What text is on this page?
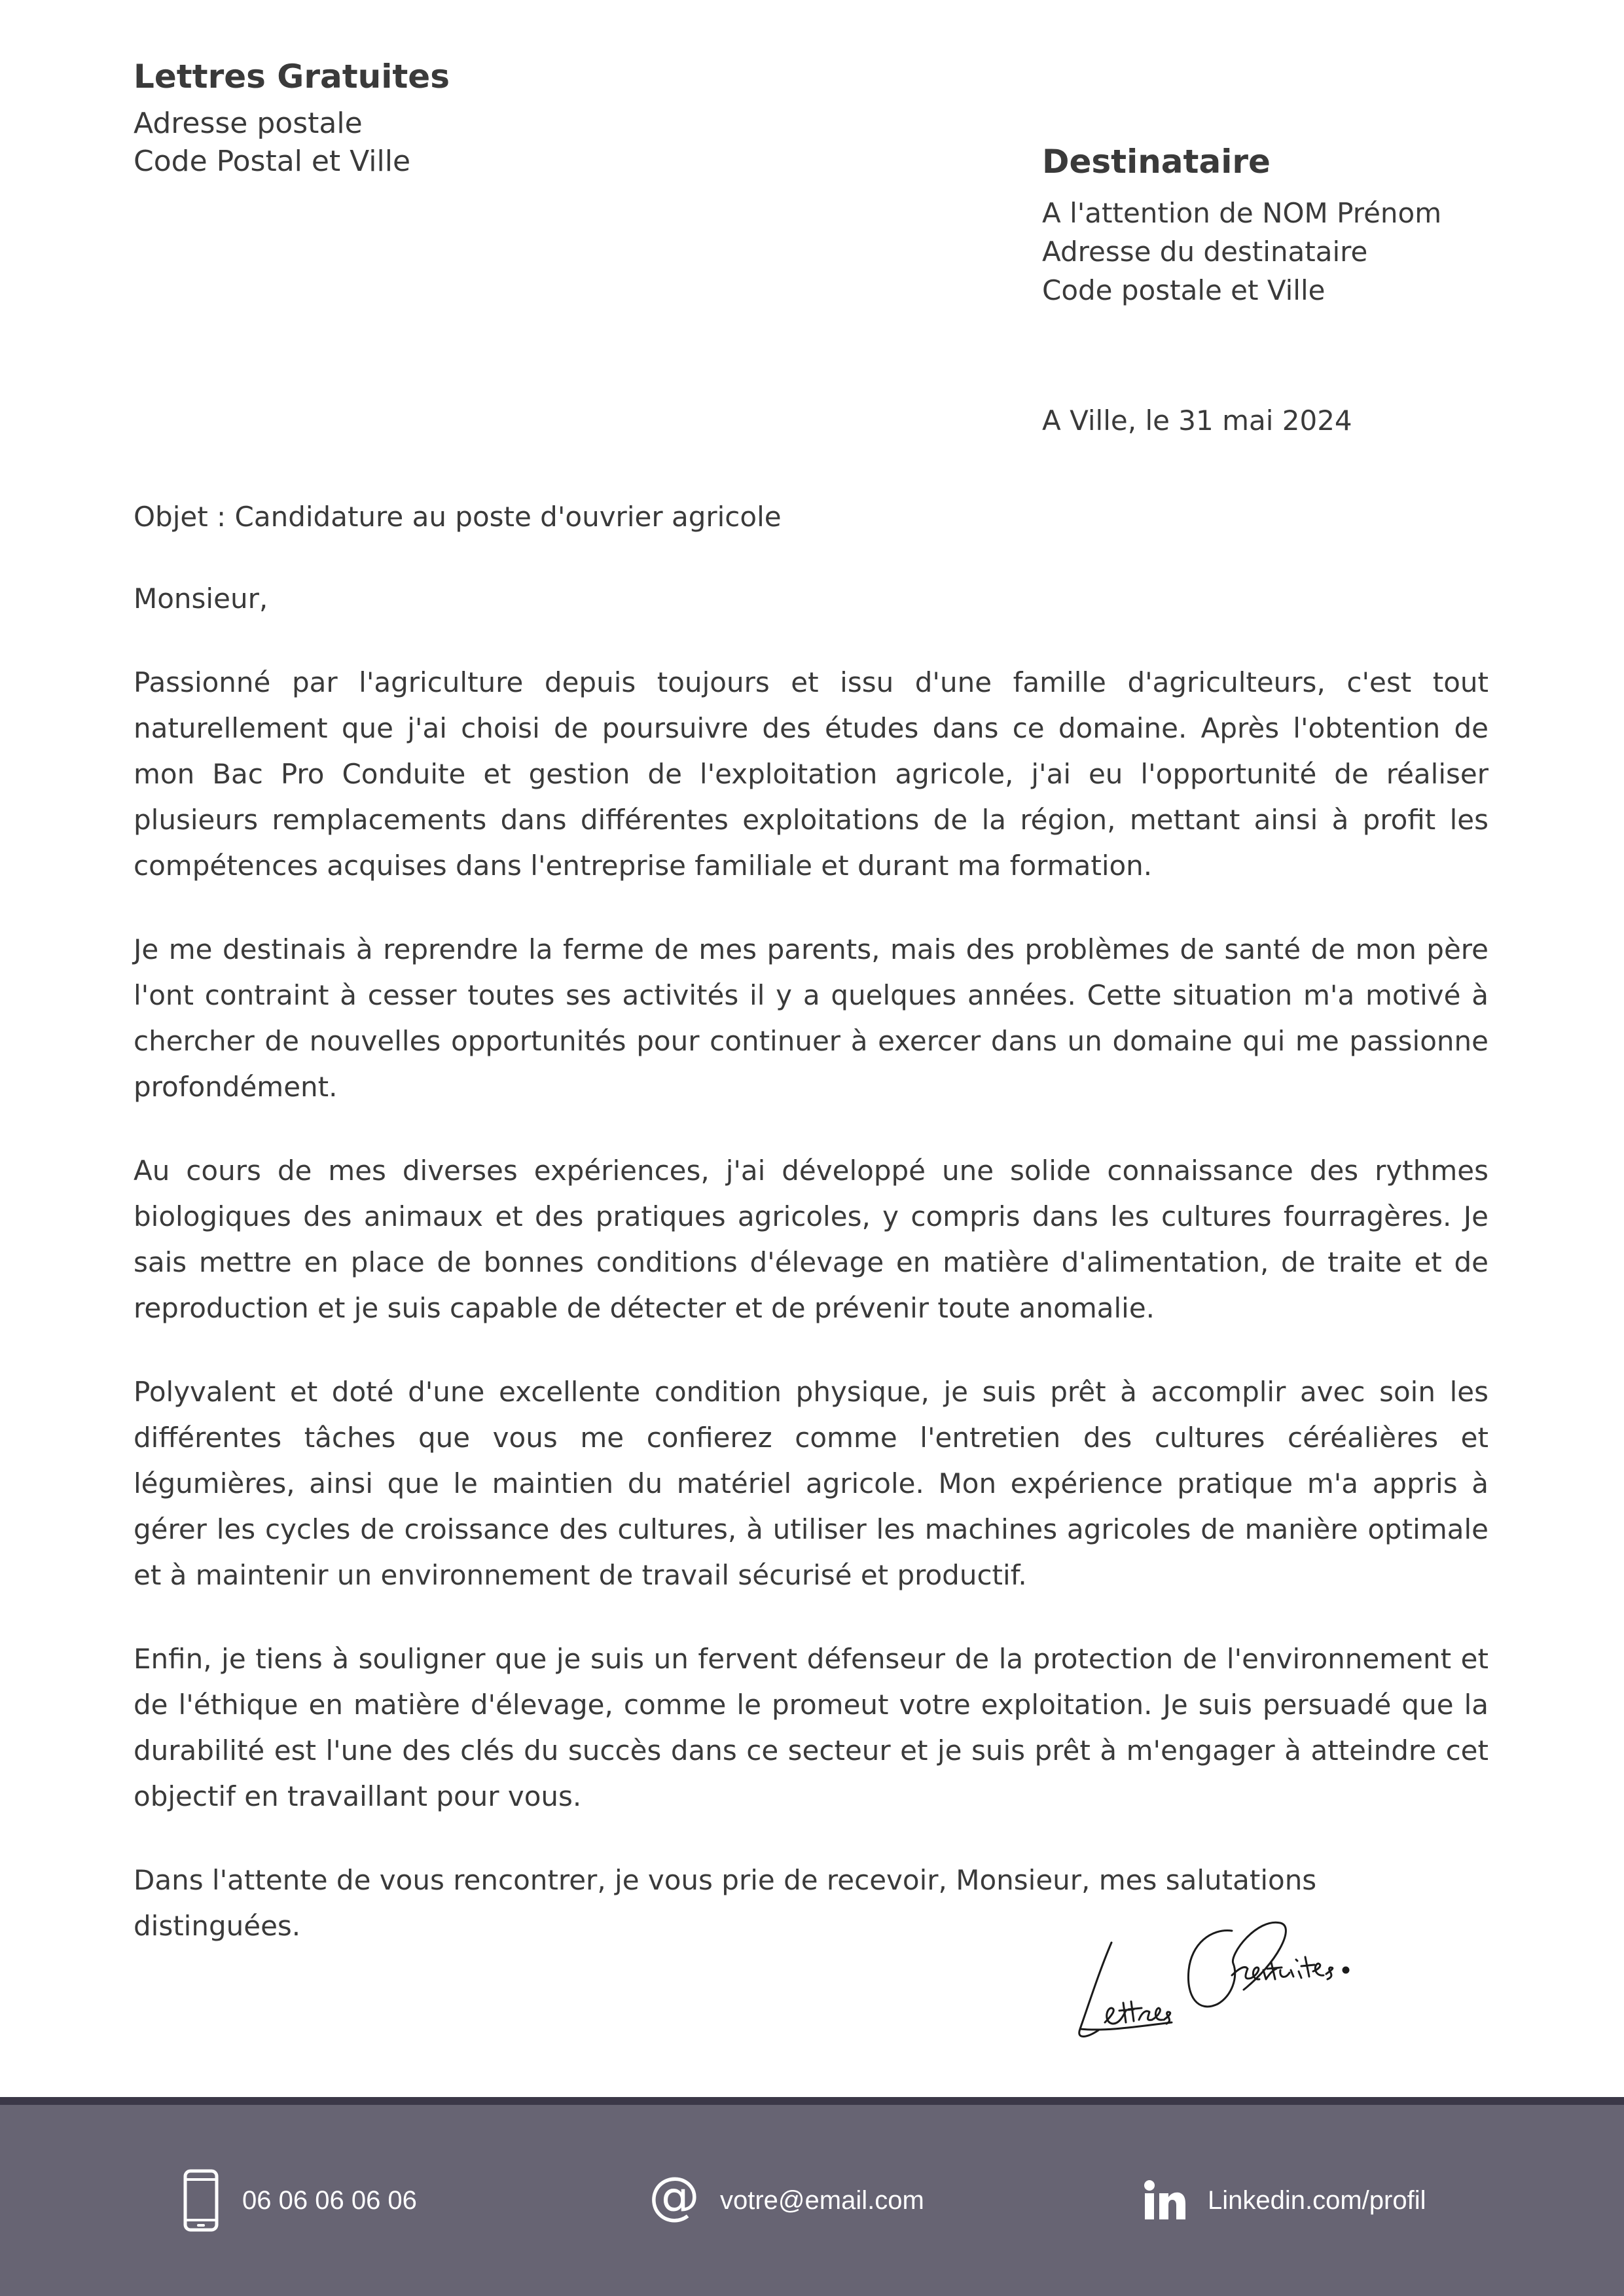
Lettres Gratuites
Adresse postale
Code Postal et Ville	Destinataire
A l'attention de NOM Prénom
Adresse du destinataire
Code postale et Ville
A Ville, le 31 mai 2024

Objet : Candidature au poste d'ouvrier agricole

Monsieur,

Passionné par l'agriculture depuis toujours et issu d'une famille d'agriculteurs, c'est tout naturellement que j'ai choisi de poursuivre des études dans ce domaine. Après l'obtention de mon Bac Pro Conduite et gestion de l'exploitation agricole, j'ai eu l'opportunité de réaliser plusieurs remplacements dans différentes exploitations de la région, mettant ainsi à profit les compétences acquises dans l'entreprise familiale et durant ma formation.

Je me destinais à reprendre la ferme de mes parents, mais des problèmes de santé de mon père l'ont contraint à cesser toutes ses activités il y a quelques années. Cette situation m'a motivé à chercher de nouvelles opportunités pour continuer à exercer dans un domaine qui me passionne profondément.

Au cours de mes diverses expériences, j'ai développé une solide connaissance des rythmes biologiques des animaux et des pratiques agricoles, y compris dans les cultures fourragères. Je sais mettre en place de bonnes conditions d'élevage en matière d'alimentation, de traite et de reproduction et je suis capable de détecter et de prévenir toute anomalie.

Polyvalent et doté d'une excellente condition physique, je suis prêt à accomplir avec soin les différentes tâches que vous me confierez comme l'entretien des cultures céréalières et légumières, ainsi que le maintien du matériel agricole. Mon expérience pratique m'a appris à gérer les cycles de croissance des cultures, à utiliser les machines agricoles de manière optimale et à maintenir un environnement de travail sécurisé et productif.

Enfin, je tiens à souligner que je suis un fervent défenseur de la protection de l'environnement et de l'éthique en matière d'élevage, comme le promeut votre exploitation. Je suis persuadé que la durabilité est l'une des clés du succès dans ce secteur et je suis prêt à m'engager à atteindre cet objectif en travaillant pour vous.

Dans l'attente de vous rencontrer, je vous prie de recevoir, Monsieur, mes salutations distinguées.

06 06 06 06 06	@ votre@email.com	Linkedin.com/profil
